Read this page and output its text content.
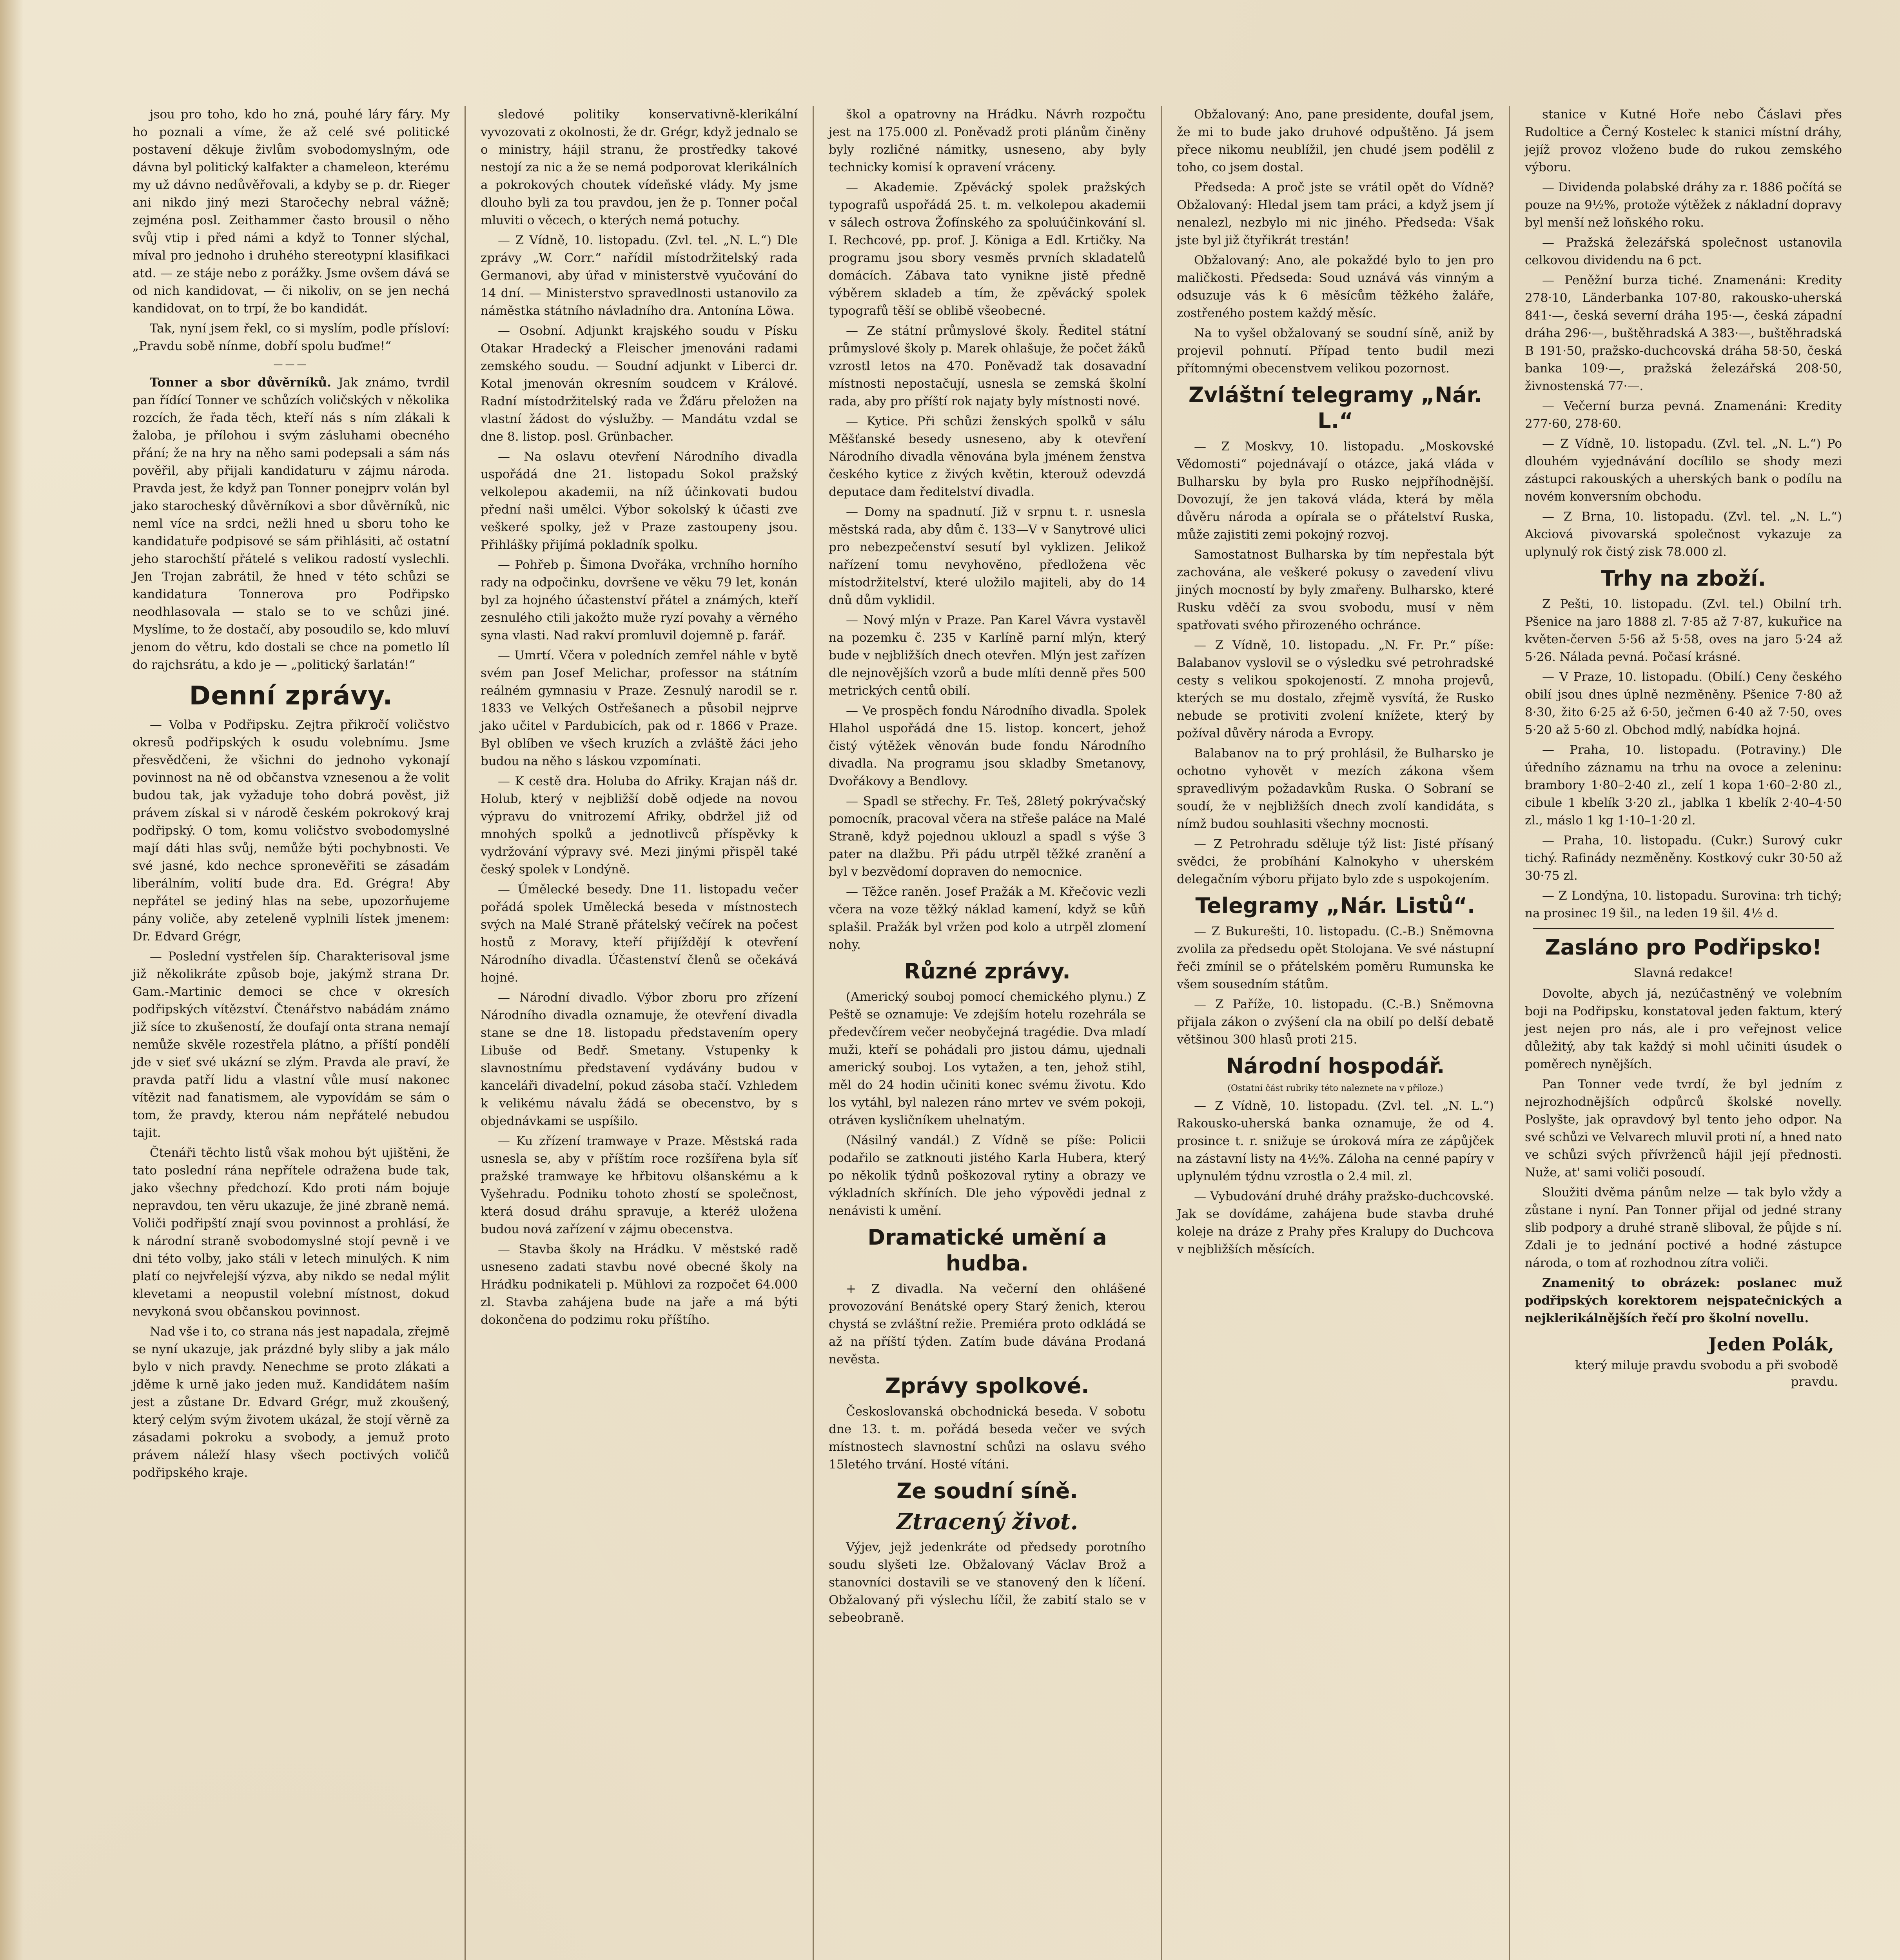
jsou pro toho, kdo ho zná, pouhé láry fáry. My ho poznali a víme, že až celé své politické postavení děkuje živlům svobodomyslným, ode dávna byl politický kalfakter a chameleon, kterému my už dávno nedůvěřovali, a kdyby se p. dr. Rieger ani nikdo jiný mezi Staročechy nebral vážně; zejména posl. Zeithammer často brousil o něho svůj vtip i před námi a když to Tonner slýchal, míval pro jednoho i druhého stereotypní klasifikaci atd. — ze stáje nebo z porážky. Jsme ovšem dává se od nich kandidovat, — či nikoliv, on se jen nechá kandidovat, on to trpí, že bo kandidát.

Tak, nyní jsem řekl, co si myslím, podle přísloví: „Pravdu sobě nínme, dobří spolu buďme!“

———

Tonner a sbor důvěrníků. Jak známo, tvrdil pan řídící Tonner ve schůzích voličských v několika rozcích, že řada těch, kteří nás s ním zlákali k žaloba, je přílohou i svým zásluhami obecného přání; že na hry na něho sami podepsali a sám nás pověřil, aby přijali kandidaturu v zájmu národa. Pravda jest, že když pan Tonner ponejprv volán byl jako starocheský důvěrníkovi a sbor důvěrníků, nic neml více na srdci, nežli hned u sboru toho ke kandidatuře podpisové se sám přihlásiti, ač ostatní jeho starochští přátelé s velikou radostí vyslechli. Jen Trojan zabrátil, že hned v této schůzi se kandidatura Tonnerova pro Podřipsko neodhlasovala — stalo se to ve schůzi jiné. Myslíme, to že dostačí, aby posoudilo se, kdo mluví jenom do větru, kdo dostali se chce na pometlo líl do rajchsrátu, a kdo je — „politický šarlatán!“

Denní zprávy.

— Volba v Podřipsku. Zejtra přikročí voličstvo okresů podřipských k osudu volebnímu. Jsme přesvědčeni, že všichni do jednoho vykonají povinnost na ně od občanstva vznesenou a že volit budou tak, jak vyžaduje toho dobrá pověst, již právem získal si v národě českém pokrokový kraj podřipský. O tom, komu voličstvo svobodomyslné mají dáti hlas svůj, nemůže býti pochybnosti. Ve své jasné, kdo nechce spronevěřiti se zásadám liberálním, volití bude dra. Ed. Grégra! Aby nepřátel se jediný hlas na sebe, upozorňujeme pány voliče, aby zeteleně vyplnili lístek jmenem: Dr. Edvard Grégr,

— Poslední vystřelen šíp. Charakterisoval jsme již několikráte způsob boje, jakýmž strana Dr. Gam.-Martinic democi se chce v okresích podřipských vítězství. Čtenářstvo nabádám známo již síce to zkušeností, že doufají onta strana nemají nemůže skvěle rozestřela plátno, a příští pondělí jde v sieť své ukázní se zlým. Pravda ale praví, že pravda patří lidu a vlastní vůle musí nakonec vítězit nad fanatismem, ale vypovídám se sám o tom, že pravdy, kterou nám nepřátelé nebudou tajit.

Čtenáři těchto listů však mohou být ujištěni, že tato poslední rána nepřítele odražena bude tak, jako všechny předchozí. Kdo proti nám bojuje nepravdou, ten věru ukazuje, že jiné zbraně nemá. Voliči podřipští znají svou povinnost a prohlásí, že k národní straně svobodomyslné stojí pevně i ve dni této volby, jako stáli v letech minulých. K nim platí co nejvřelejší výzva, aby nikdo se nedal mýlit klevetami a neopustil volební místnost, dokud nevykoná svou občanskou povinnost.

Nad vše i to, co strana nás jest napadala, zřejmě se nyní ukazuje, jak prázdné byly sliby a jak málo bylo v nich pravdy. Nenechme se proto zlákati a jděme k urně jako jeden muž. Kandidátem naším jest a zůstane Dr. Edvard Grégr, muž zkoušený, který celým svým životem ukázal, že stojí věrně za zásadami pokroku a svobody, a jemuž proto právem náleží hlasy všech poctivých voličů podřipského kraje.

sledové politiky konservativně-klerikální vyvozovati z okolnosti, že dr. Grégr, když jednalo se o ministry, hájil stranu, že prostředky takové nestojí za nic a že se nemá podporovat klerikálních a pokrokových choutek vídeňské vlády. My jsme dlouho byli za tou pravdou, jen že p. Tonner počal mluviti o věcech, o kterých nemá potuchy.

— Z Vídně, 10. listopadu. (Zvl. tel. „N. L.“) Dle zprávy „W. Corr.“ nařídil místodržitelský rada Germanovi, aby úřad v ministerstvě vyučování do 14 dní. — Ministerstvo spravedlnosti ustanovilo za náměstka státního návladního dra. Antonína Löwa.

— Osobní. Adjunkt krajského soudu v Písku Otakar Hradecký a Fleischer jmenováni radami zemského soudu. — Soudní adjunkt v Liberci dr. Kotal jmenován okresním soudcem v Králové. Radní místodržitelský rada ve Žďáru přeložen na vlastní žádost do výslužby. — Mandátu vzdal se dne 8. listop. posl. Grünbacher.

— Na oslavu otevření Národního divadla uspořádá dne 21. listopadu Sokol pražský velkolepou akademii, na níž účinkovati budou přední naši umělci. Výbor sokolský k účasti zve veškeré spolky, jež v Praze zastoupeny jsou. Přihlášky přijímá pokladník spolku.

— Pohřeb p. Šimona Dvořáka, vrchního horního rady na odpočinku, dovršene ve věku 79 let, konán byl za hojného účastenství přátel a známých, kteří zesnulého ctili jakožto muže ryzí povahy a věrného syna vlasti. Nad rakví promluvil dojemně p. farář.

— Umrtí. Včera v poledních zemřel náhle v bytě svém pan Josef Melichar, professor na státním reálném gymnasiu v Praze. Zesnulý narodil se r. 1833 ve Velkých Ostřešanech a působil nejprve jako učitel v Pardubicích, pak od r. 1866 v Praze. Byl oblíben ve všech kruzích a zvláště žáci jeho budou na něho s láskou vzpomínati.

— K cestě dra. Holuba do Afriky. Krajan náš dr. Holub, který v nejbližší době odjede na novou výpravu do vnitrozemí Afriky, obdržel již od mnohých spolků a jednotlivců příspěvky k vydržování výpravy své. Mezi jinými přispěl také český spolek v Londýně.

— Úmělecké besedy. Dne 11. listopadu večer pořádá spolek Umělecká beseda v místnostech svých na Malé Straně přátelský večírek na počest hostů z Moravy, kteří přijíždějí k otevření Národního divadla. Účastenství členů se očekává hojné.

— Národní divadlo. Výbor zboru pro zřízení Národního divadla oznamuje, že otevření divadla stane se dne 18. listopadu představením opery Libuše od Bedř. Smetany. Vstupenky k slavnostnímu představení vydávány budou v kanceláři divadelní, pokud zásoba stačí. Vzhledem k velikému návalu žádá se obecenstvo, by s objednávkami se uspíšilo.

— Ku zřízení tramwaye v Praze. Městská rada usnesla se, aby v příštím roce rozšířena byla síť pražské tramwaye ke hřbitovu olšanskému a k Vyšehradu. Podniku tohoto zhostí se společnost, která dosud dráhu spravuje, a kteréž uložena budou nová zařízení v zájmu obecenstva.

— Stavba školy na Hrádku. V městské radě usneseno zadati stavbu nové obecné školy na Hrádku podnikateli p. Mühlovi za rozpočet 64.000 zl. Stavba zahájena bude na jaře a má býti dokončena do podzimu roku příštího.

škol a opatrovny na Hrádku. Návrh rozpočtu jest na 175.000 zl. Poněvadž proti plánům činěny byly rozličné námitky, usneseno, aby byly technicky komisí k opravení vráceny.

— Akademie. Zpěvácký spolek pražských typografů uspořádá 25. t. m. velkolepou akademii v sálech ostrova Žofínského za spoluúčinkování sl. I. Rechcové, pp. prof. J. Königa a Edl. Krtičky. Na programu jsou sbory vesměs prvních skladatelů domácích. Zábava tato vynikne jistě předně výběrem skladeb a tím, že zpěvácký spolek typografů těší se oblibě všeobecné.

— Ze státní průmyslové školy. Ředitel státní průmyslové školy p. Marek ohlašuje, že počet žáků vzrostl letos na 470. Poněvadž tak dosavadní místnosti nepostačují, usnesla se zemská školní rada, aby pro příští rok najaty byly místnosti nové.

— Kytice. Při schůzi ženských spolků v sálu Měšťanské besedy usneseno, aby k otevření Národního divadla věnována byla jménem ženstva českého kytice z živých květin, kterouž odevzdá deputace dam ředitelství divadla.

— Domy na spadnutí. Již v srpnu t. r. usnesla městská rada, aby dům č. 133—V v Sanytrové ulici pro nebezpečenství sesutí byl vyklizen. Jelikož nařízení tomu nevyhověno, předložena věc místodržitelství, které uložilo majiteli, aby do 14 dnů dům vyklidil.

— Nový mlýn v Praze. Pan Karel Vávra vystavěl na pozemku č. 235 v Karlíně parní mlýn, který bude v nejbližších dnech otevřen. Mlýn jest zařízen dle nejnovějších vzorů a bude mlíti denně přes 500 metrických centů obilí.

— Ve prospěch fondu Národního divadla. Spolek Hlahol uspořádá dne 15. listop. koncert, jehož čistý výtěžek věnován bude fondu Národního divadla. Na programu jsou skladby Smetanovy, Dvořákovy a Bendlovy.

— Spadl se střechy. Fr. Teš, 28letý pokrývačský pomocník, pracoval včera na střeše paláce na Malé Straně, když pojednou uklouzl a spadl s výše 3 pater na dlažbu. Při pádu utrpěl těžké zranění a byl v bezvědomí dopraven do nemocnice.

— Těžce raněn. Josef Pražák a M. Křečovic vezli včera na voze těžký náklad kamení, když se kůň splašil. Pražák byl vržen pod kolo a utrpěl zlomení nohy.

Různé zprávy.

(Americký souboj pomocí chemického plynu.) Z Peště se oznamuje: Ve zdejším hotelu rozehrála se předevčírem večer neobyčejná tragédie. Dva mladí muži, kteří se pohádali pro jistou dámu, ujednali americký souboj. Los vytažen, a ten, jehož stihl, měl do 24 hodin učiniti konec svému životu. Kdo los vytáhl, byl nalezen ráno mrtev ve svém pokoji, otráven kysličníkem uhelnatým.

(Násilný vandál.) Z Vídně se píše: Policii podařilo se zatknouti jistého Karla Hubera, který po několik týdnů poškozoval rytiny a obrazy ve výkladních skříních. Dle jeho výpovědi jednal z nenávisti k umění.

Dramatické umění a hudba.

+ Z divadla. Na večerní den ohlášené provozování Benátské opery Starý ženich, kterou chystá se zvláštní režie. Premiéra proto odkládá se až na příští týden. Zatím bude dávána Prodaná nevěsta.

Zprávy spolkové.

Českoslovanská obchodnická beseda. V sobotu dne 13. t. m. pořádá beseda večer ve svých místnostech slavnostní schůzi na oslavu svého 15letého trvání. Hosté vítáni.

Ze soudní síně.
Ztracený život.

Výjev, jejž jedenkráte od předsedy porotního soudu slyšeti lze. Obžalovaný Václav Brož a stanovníci dostavili se ve stanovený den k líčení. Obžalovaný při výslechu líčil, že zabití stalo se v sebeobraně.

Obžalovaný: Ano, pane presidente, doufal jsem, že mi to bude jako druhové odpuštěno. Já jsem přece nikomu neublížil, jen chudé jsem podělil z toho, co jsem dostal.

Předseda: A proč jste se vrátil opět do Vídně? Obžalovaný: Hledal jsem tam práci, a když jsem jí nenalezl, nezbylo mi nic jiného. Předseda: Však jste byl již čtyřikrát trestán!

Obžalovaný: Ano, ale pokaždé bylo to jen pro maličkosti. Předseda: Soud uznává vás vinným a odsuzuje vás k 6 měsícům těžkého žaláře, zostřeného postem každý měsíc.

Na to vyšel obžalovaný se soudní síně, aniž by projevil pohnutí. Případ tento budil mezi přítomnými obecenstvem velikou pozornost.

Zvláštní telegramy „Nár. L.“

— Z Moskvy, 10. listopadu. „Moskovské Vědomosti“ pojednávají o otázce, jaká vláda v Bulharsku by byla pro Rusko nejpříhodnější. Dovozují, že jen taková vláda, která by měla důvěru národa a opírala se o přátelství Ruska, může zajistiti zemi pokojný rozvoj.

Samostatnost Bulharska by tím nepřestala být zachována, ale veškeré pokusy o zavedení vlivu jiných mocností by byly zmařeny. Bulharsko, které Rusku vděčí za svou svobodu, musí v něm spatřovati svého přirozeného ochránce.

— Z Vídně, 10. listopadu. „N. Fr. Pr.“ píše: Balabanov vyslovil se o výsledku své petrohradské cesty s velikou spokojeností. Z mnoha projevů, kterých se mu dostalo, zřejmě vysvítá, že Rusko nebude se protiviti zvolení knížete, který by požíval důvěry národa a Evropy.

Balabanov na to prý prohlásil, že Bulharsko je ochotno vyhovět v mezích zákona všem spravedlivým požadavkům Ruska. O Sobraní se soudí, že v nejbližších dnech zvolí kandidáta, s nímž budou souhlasiti všechny mocnosti.

— Z Petrohradu sděluje týž list: Jisté přísaný svědci, že probíhání Kalnokyho v uherském delegačním výboru přijato bylo zde s uspokojením.

Telegramy „Nár. Listů“.

— Z Bukurešti, 10. listopadu. (C.-B.) Sněmovna zvolila za předsedu opět Stolojana. Ve své nástupní řeči zmínil se o přátelském poměru Rumunska ke všem sousedním státům.

— Z Paříže, 10. listopadu. (C.-B.) Sněmovna přijala zákon o zvýšení cla na obilí po delší debatě většinou 300 hlasů proti 215.

Národní hospodář.
(Ostatní část rubriky této naleznete na v příloze.)

— Z Vídně, 10. listopadu. (Zvl. tel. „N. L.“) Rakousko-uherská banka oznamuje, že od 4. prosince t. r. snižuje se úroková míra ze zápůjček na zástavní listy na 4½%. Záloha na cenné papíry v uplynulém týdnu vzrostla o 2.4 mil. zl.

— Vybudování druhé dráhy pražsko-duchcovské. Jak se dovídáme, zahájena bude stavba druhé koleje na dráze z Prahy přes Kralupy do Duchcova v nejbližších měsících.

stanice v Kutné Hoře nebo Čáslavi přes Rudoltice a Černý Kostelec k stanici místní dráhy, jejíž provoz vloženo bude do rukou zemského výboru.

— Dividenda polabské dráhy za r. 1886 počítá se pouze na 9½%, protože výtěžek z nákladní dopravy byl menší než loňského roku.

— Pražská železářská společnost ustanovila celkovou dividendu na 6 pct.

— Peněžní burza tiché. Znamenáni: Kredity 278·10, Länderbanka 107·80, rakousko-uherská 841·—, česká severní dráha 195·—, česká západní dráha 296·—, buštěhradská A 383·—, buštěhradská B 191·50, pražsko-duchcovská dráha 58·50, česká banka 109·—, pražská železářská 208·50, živnostenská 77·—.

— Večerní burza pevná. Znamenáni: Kredity 277·60, 278·60.

— Z Vídně, 10. listopadu. (Zvl. tel. „N. L.“) Po dlouhém vyjednávání docílilo se shody mezi zástupci rakouských a uherských bank o podílu na novém konversním obchodu.

— Z Brna, 10. listopadu. (Zvl. tel. „N. L.“) Akciová pivovarská společnost vykazuje za uplynulý rok čistý zisk 78.000 zl.

Trhy na zboží.

Z Pešti, 10. listopadu. (Zvl. tel.) Obilní trh. Pšenice na jaro 1888 zl. 7·85 až 7·87, kukuřice na květen-červen 5·56 až 5·58, oves na jaro 5·24 až 5·26. Nálada pevná. Počasí krásné.

— V Praze, 10. listopadu. (Obilí.) Ceny českého obilí jsou dnes úplně nezměněny. Pšenice 7·80 až 8·30, žito 6·25 až 6·50, ječmen 6·40 až 7·50, oves 5·20 až 5·60 zl. Obchod mdlý, nabídka hojná.

— Praha, 10. listopadu. (Potraviny.) Dle úředního záznamu na trhu na ovoce a zeleninu: brambory 1·80–2·40 zl., zelí 1 kopa 1·60–2·80 zl., cibule 1 kbelík 3·20 zl., jablka 1 kbelík 2·40–4·50 zl., máslo 1 kg 1·10–1·20 zl.

— Praha, 10. listopadu. (Cukr.) Surový cukr tichý. Rafinády nezměněny. Kostkový cukr 30·50 až 30·75 zl.

— Z Londýna, 10. listopadu. Surovina: trh tichý; na prosinec 19 šil., na leden 19 šil. 4½ d.

Zasláno pro Podřipsko!
Slavná redakce!

Dovolte, abych já, nezúčastněný ve volebním boji na Podřipsku, konstatoval jeden faktum, který jest nejen pro nás, ale i pro veřejnost velice důležitý, aby tak každý si mohl učiniti úsudek o poměrech nynějších.

Pan Tonner vede tvrdí, že byl jedním z nejrozhodnějších odpůrců školské novelly. Poslyšte, jak opravdový byl tento jeho odpor. Na své schůzi ve Velvarech mluvil proti ní, a hned nato ve schůzi svých přívrženců hájil její přednosti. Nuže, at' sami voliči posoudí.

Sloužiti dvěma pánům nelze — tak bylo vždy a zůstane i nyní. Pan Tonner přijal od jedné strany slib podpory a druhé straně sliboval, že půjde s ní. Zdali je to jednání poctivé a hodné zástupce národa, o tom ať rozhodnou zítra voliči.

Znamenitý to obrázek: poslanec muž podřipských korektorem nejspatečnických a nejklerikálnějších řečí pro školní novellu.

Jeden Polák,
který miluje pravdu svobodu a při svobodě pravdu.
